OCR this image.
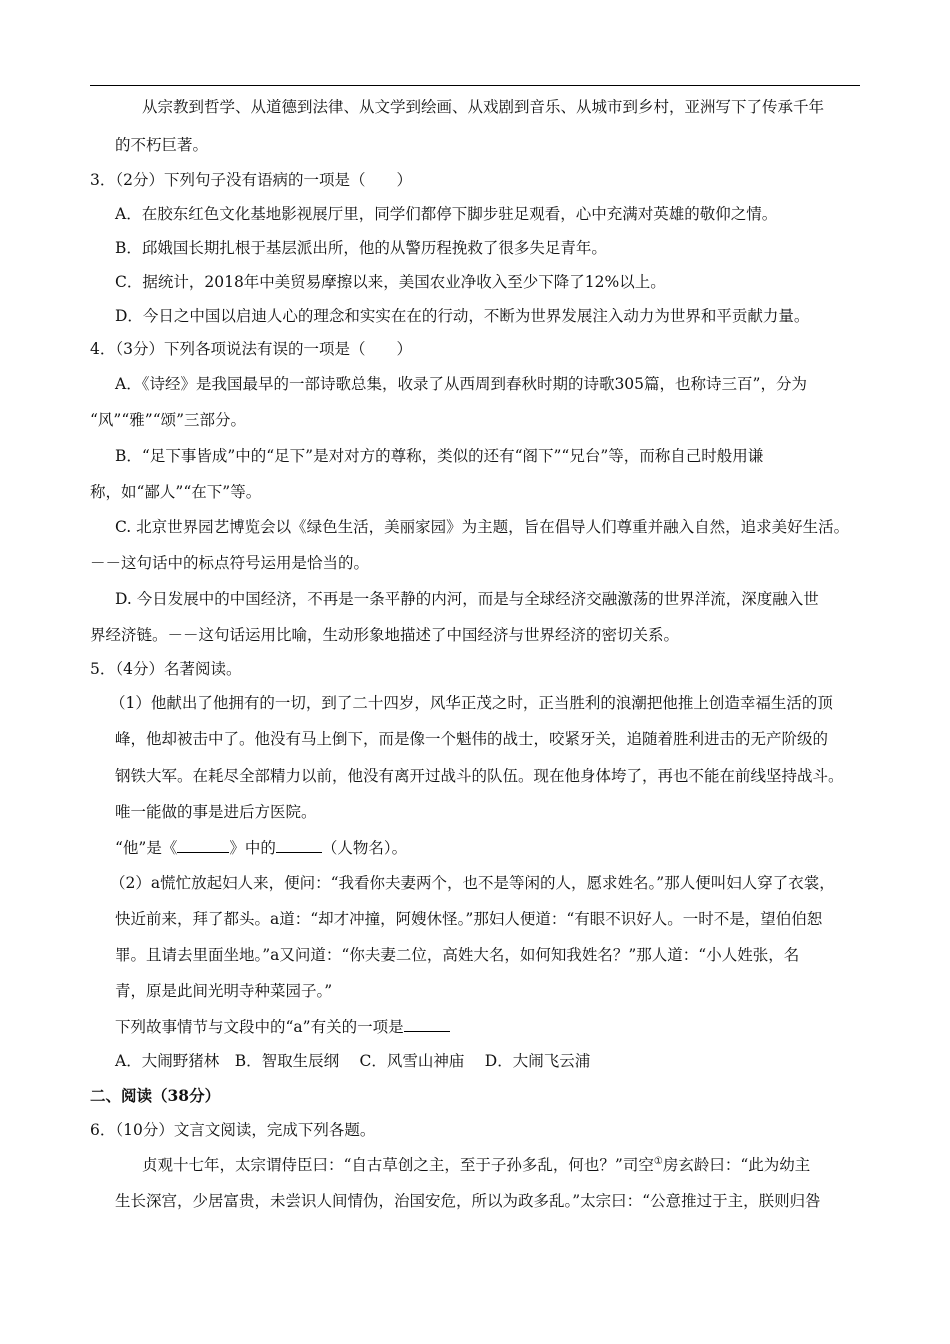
从宗教到哲学、从道德到法律、从文学到绘画、从戏剧到音乐、从城市到乡村，亚洲写下了传承千年
的不朽巨著。
3．（2分）下列句子没有语病的一项是（　　）
A．在胶东红色文化基地影视展厅里，同学们都停下脚步驻足观看，心中充满对英雄的敬仰之情。
B．邱娥国长期扎根于基层派出所，他的从警历程挽救了很多失足青年。
C．据统计，2018年中美贸易摩擦以来，美国农业净收入至少下降了12%以上。
D．今日之中国以启迪人心的理念和实实在在的行动，不断为世界发展注入动力为世界和平贡献力量。
4．（3分）下列各项说法有误的一项是（　　）
A．《诗经》是我国最早的一部诗歌总集，收录了从西周到春秋时期的诗歌305篇，也称诗三百”，分为
“风”“雅”“颂”三部分。
B．“足下事皆成”中的“足下”是对对方的尊称，类似的还有“阁下”“兄台”等，而称自己时般用谦
称，如“鄙人”“在下”等。
C. 北京世界园艺博览会以《绿色生活，美丽家园》为主题，旨在倡导人们尊重并融入自然，追求美好生活。
－－这句话中的标点符号运用是恰当的。
D. 今日发展中的中国经济，不再是一条平静的内河，而是与全球经济交融激荡的世界洋流，深度融入世
界经济链。－－这句话运用比喻，生动形象地描述了中国经济与世界经济的密切关系。
5．（4分）名著阅读。
（1）他献出了他拥有的一切，到了二十四岁，风华正茂之时，正当胜利的浪潮把他推上创造幸福生活的顶
峰，他却被击中了。他没有马上倒下，而是像一个魁伟的战士，咬紧牙关，追随着胜利进击的无产阶级的
钢铁大军。在耗尽全部精力以前，他没有离开过战斗的队伍。现在他身体垮了，再也不能在前线坚持战斗。
唯一能做的事是进后方医院。
“他”是《	》中的	（人物名）。
（2）a慌忙放起妇人来，便问：“我看你夫妻两个，也不是等闲的人，愿求姓名。”那人便叫妇人穿了衣裳，
快近前来，拜了都头。a道：“却才冲撞，阿嫂休怪。”那妇人便道：“有眼不识好人。一时不是，望伯伯恕
罪。且请去里面坐地。”a又问道：“你夫妻二位，高姓大名，如何知我姓名？”那人道：“小人姓张，名
青，原是此间光明寺种菜园子。”
下列故事情节与文段中的“a”有关的一项是
A．大闹野猪林　B．智取生辰纲　 C．风雪山神庙　 D．大闹飞云浦
二、阅读（38分）
6．（10分）文言文阅读，完成下列各题。
贞观十七年，太宗谓侍臣曰：“自古草创之主，至于子孙多乱，何也？”司空①房玄龄曰：“此为幼主
生长深宫，少居富贵，未尝识人间情伪，治国安危，所以为政多乱。”太宗曰：“公意推过于主，朕则归咎
